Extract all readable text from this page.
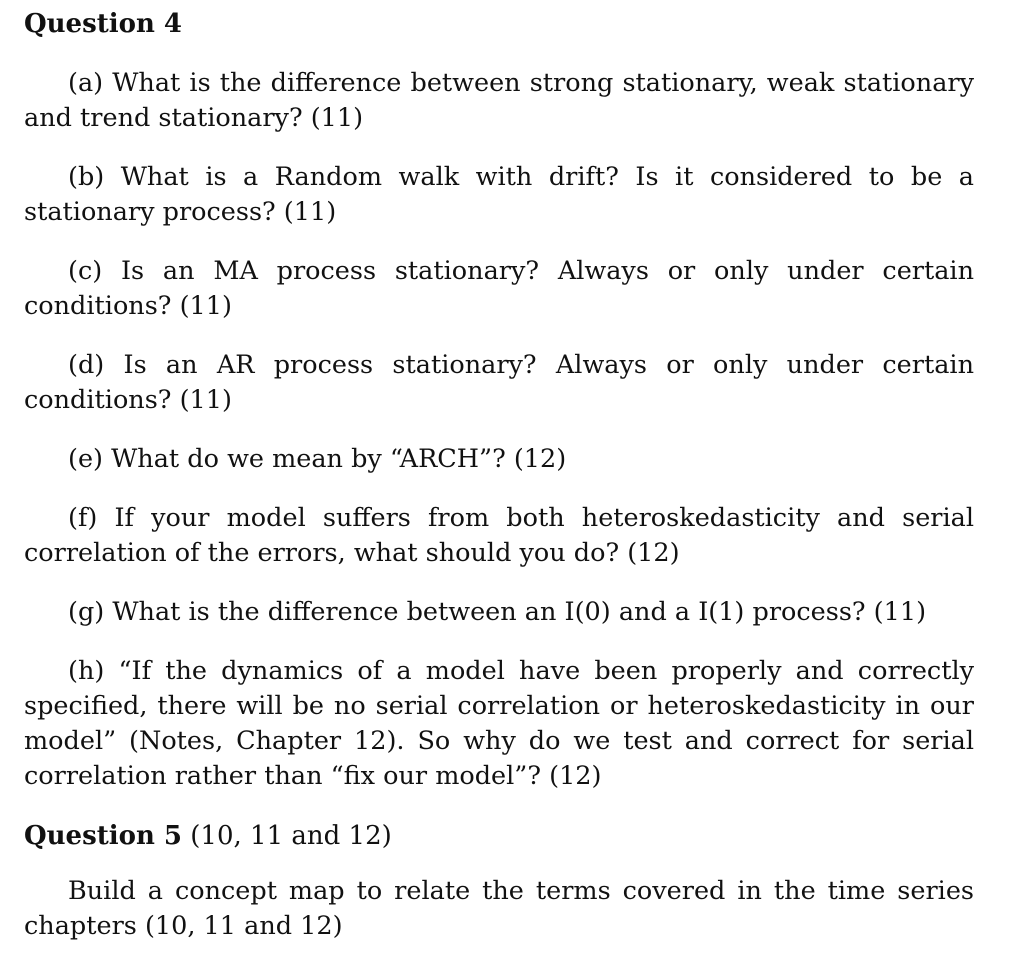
Question 4

(a) What is the difference between strong stationary, weak stationary and trend stationary? (11)

(b) What is a Random walk with drift? Is it considered to be a stationary process? (11)

(c) Is an MA process stationary? Always or only under certain conditions? (11)

(d) Is an AR process stationary? Always or only under certain conditions? (11)

(e) What do we mean by “ARCH”? (12)

(f) If your model suffers from both heteroskedasticity and serial correlation of the errors, what should you do? (12)

(g) What is the difference between an I(0) and a I(1) process? (11)

(h) “If the dynamics of a model have been properly and correctly specified, there will be no serial correlation or heteroskedasticity in our model” (Notes, Chapter 12). So why do we test and correct for serial correlation rather than “fix our model”? (12)

Question 5 (10, 11 and 12)

Build a concept map to relate the terms covered in the time series chapters (10, 11 and 12)
